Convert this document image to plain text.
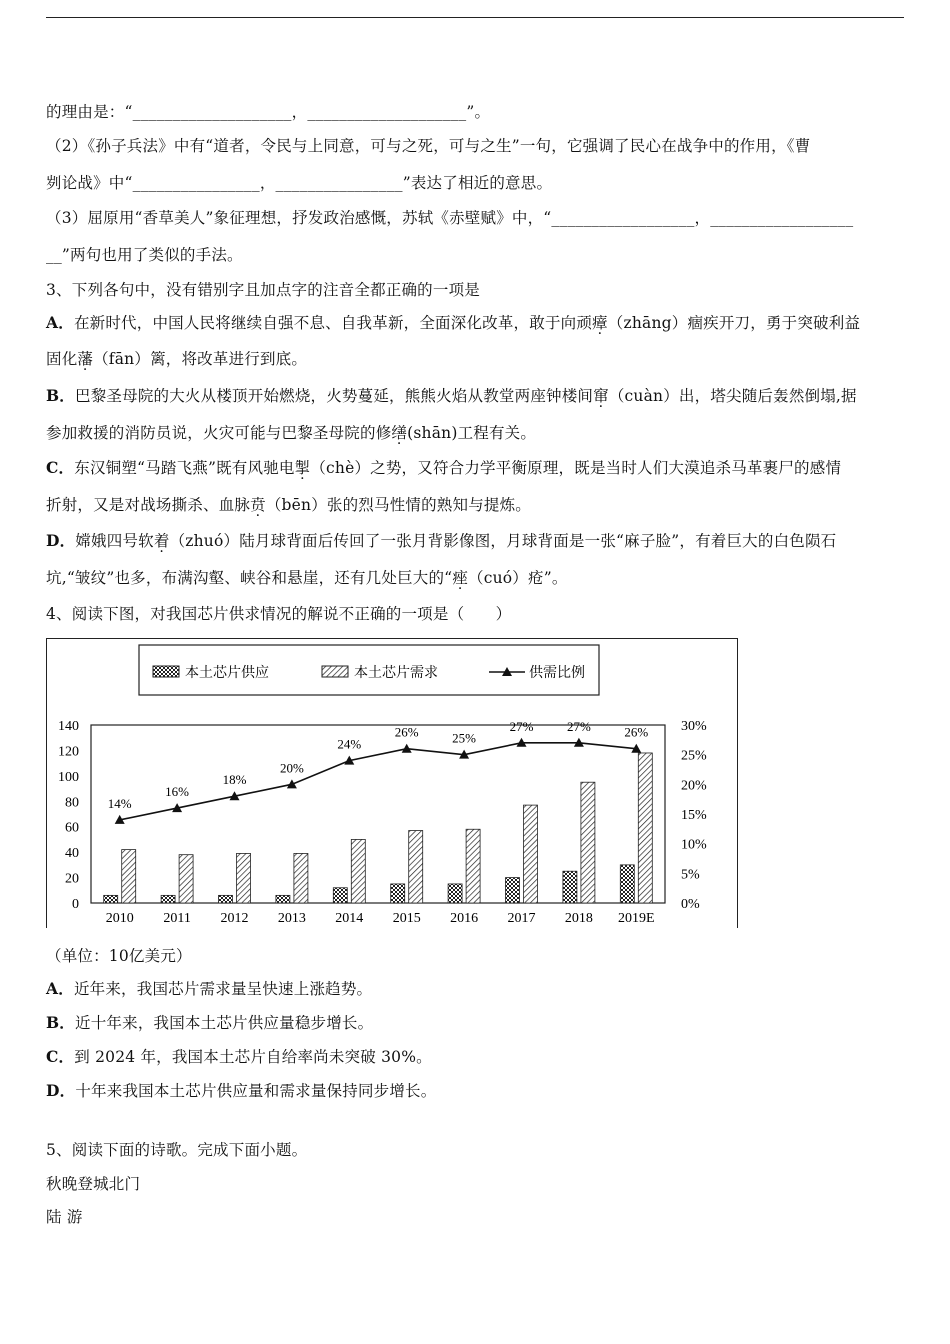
的理由是：“____________________，____________________”。
（2）《孙子兵法》中有“道者，令民与上同意，可与之死，可与之生”一句，它强调了民心在战争中的作用，《曹
刿论战》中“________________，________________”表达了相近的意思。
（3）屈原用“香草美人”象征理想，抒发政治感慨，苏轼《赤壁赋》中，“__________________，__________________
__”两句也用了类似的手法。
3、下列各句中，没有错别字且加点字的注音全都正确的一项是
A．在新时代，中国人民将继续自强不息、自我革新，全面深化改革，敢于向顽瘴（zhāng）痼疾开刀，勇于突破利益
固化藩（fān）篱，将改革进行到底。
B．巴黎圣母院的大火从楼顶开始燃烧，火势蔓延，熊熊火焰从教堂两座钟楼间窜（cuàn）出，塔尖随后轰然倒塌,据
参加救援的消防员说，火灾可能与巴黎圣母院的修缮(shān)工程有关。
C．东汉铜塑“马踏飞燕”既有风驰电掣（chè）之势，又符合力学平衡原理，既是当时人们大漠追杀马革裹尸的感情
折射，又是对战场撕杀、血脉贲（bēn）张的烈马性情的熟知与提炼。
D．嫦娥四号软着（zhuó）陆月球背面后传回了一张月背影像图，月球背面是一张“麻子脸”，有着巨大的白色陨石
坑,“皱纹”也多，布满沟壑、峡谷和悬崖，还有几处巨大的“痤（cuó）疮”。
4、阅读下图，对我国芯片供求情况的解说不正确的一项是（　　）
本土芯片供应	本土芯片需求	供需比例
0
20
40
60
80
100
120
140
0%
5%
10%
15%
20%
25%
30%
14%
16%
18%
20%
24%
26%	25%
27%	27%	26%
2010 2011 2012 2013 2014 2015 2016 2017 2018 2019E
（单位：10亿美元）
A．近年来，我国芯片需求量呈快速上涨趋势。
B．近十年来，我国本土芯片供应量稳步增长。
C．到 2024 年，我国本土芯片自给率尚未突破 30%。
D．十年来我国本土芯片供应量和需求量保持同步增长。
5、阅读下面的诗歌。完成下面小题。
秋晚登城北门
陆 游
